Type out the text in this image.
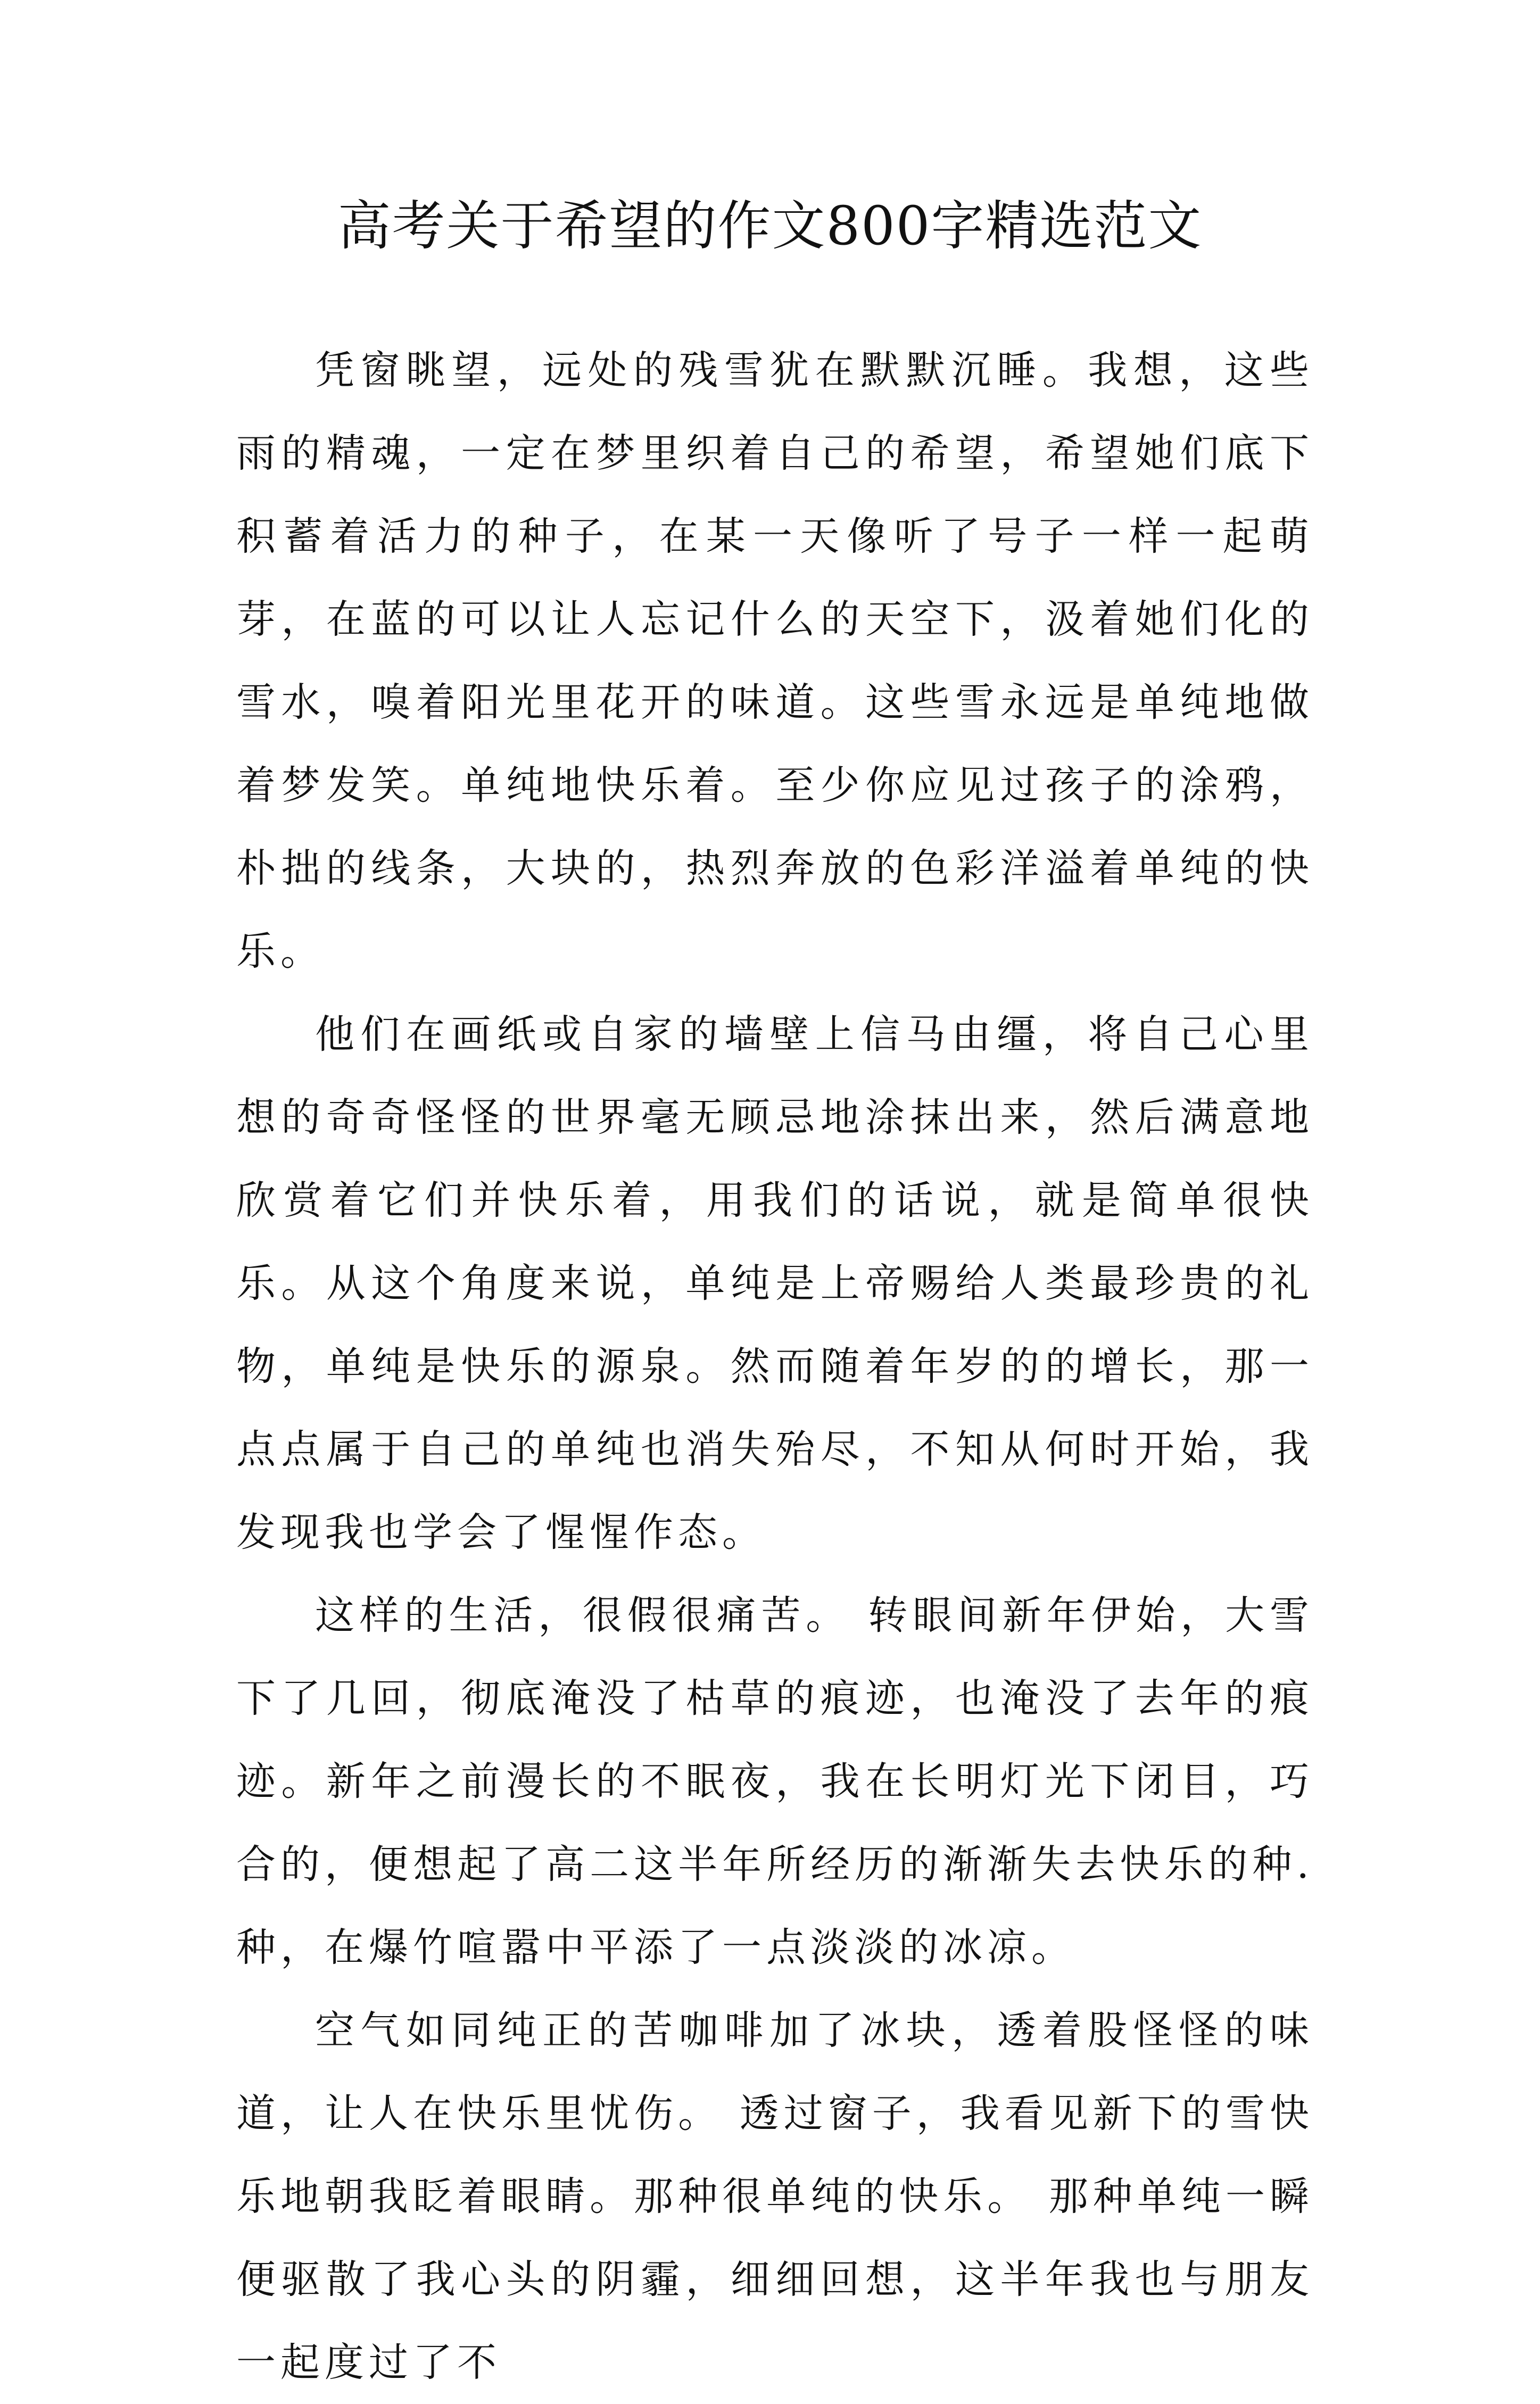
高考关于希望的作文800字精选范文

凭窗眺望，远处的残雪犹在默默沉睡。我想，这些雨的精魂，一定在梦里织着自己的希望，希望她们底下积蓄着活力的种子，在某一天像听了号子一样一起萌芽，在蓝的可以让人忘记什么的天空下，汲着她们化的雪水，嗅着阳光里花开的味道。这些雪永远是单纯地做着梦发笑。单纯地快乐着。至少你应见过孩子的涂鸦，朴拙的线条，大块的，热烈奔放的色彩洋溢着单纯的快乐。

他们在画纸或自家的墙壁上信马由缰，将自己心里想的奇奇怪怪的世界毫无顾忌地涂抹出来，然后满意地欣赏着它们并快乐着，用我们的话说，就是简单很快乐。从这个角度来说，单纯是上帝赐给人类最珍贵的礼物，单纯是快乐的源泉。然而随着年岁的的增长，那一点点属于自己的单纯也消失殆尽，不知从何时开始，我发现我也学会了惺惺作态。

这样的生活，很假很痛苦。 转眼间新年伊始，大雪下了几回，彻底淹没了枯草的痕迹，也淹没了去年的痕迹。新年之前漫长的不眠夜，我在长明灯光下闭目，巧合的，便想起了高二这半年所经历的渐渐失去快乐的种.种，在爆竹喧嚣中平添了一点淡淡的冰凉。

空气如同纯正的苦咖啡加了冰块，透着股怪怪的味道，让人在快乐里忧伤。 透过窗子，我看见新下的雪快乐地朝我眨着眼睛。那种很单纯的快乐。 那种单纯一瞬便驱散了我心头的阴霾，细细回想，这半年我也与朋友一起度过了不
